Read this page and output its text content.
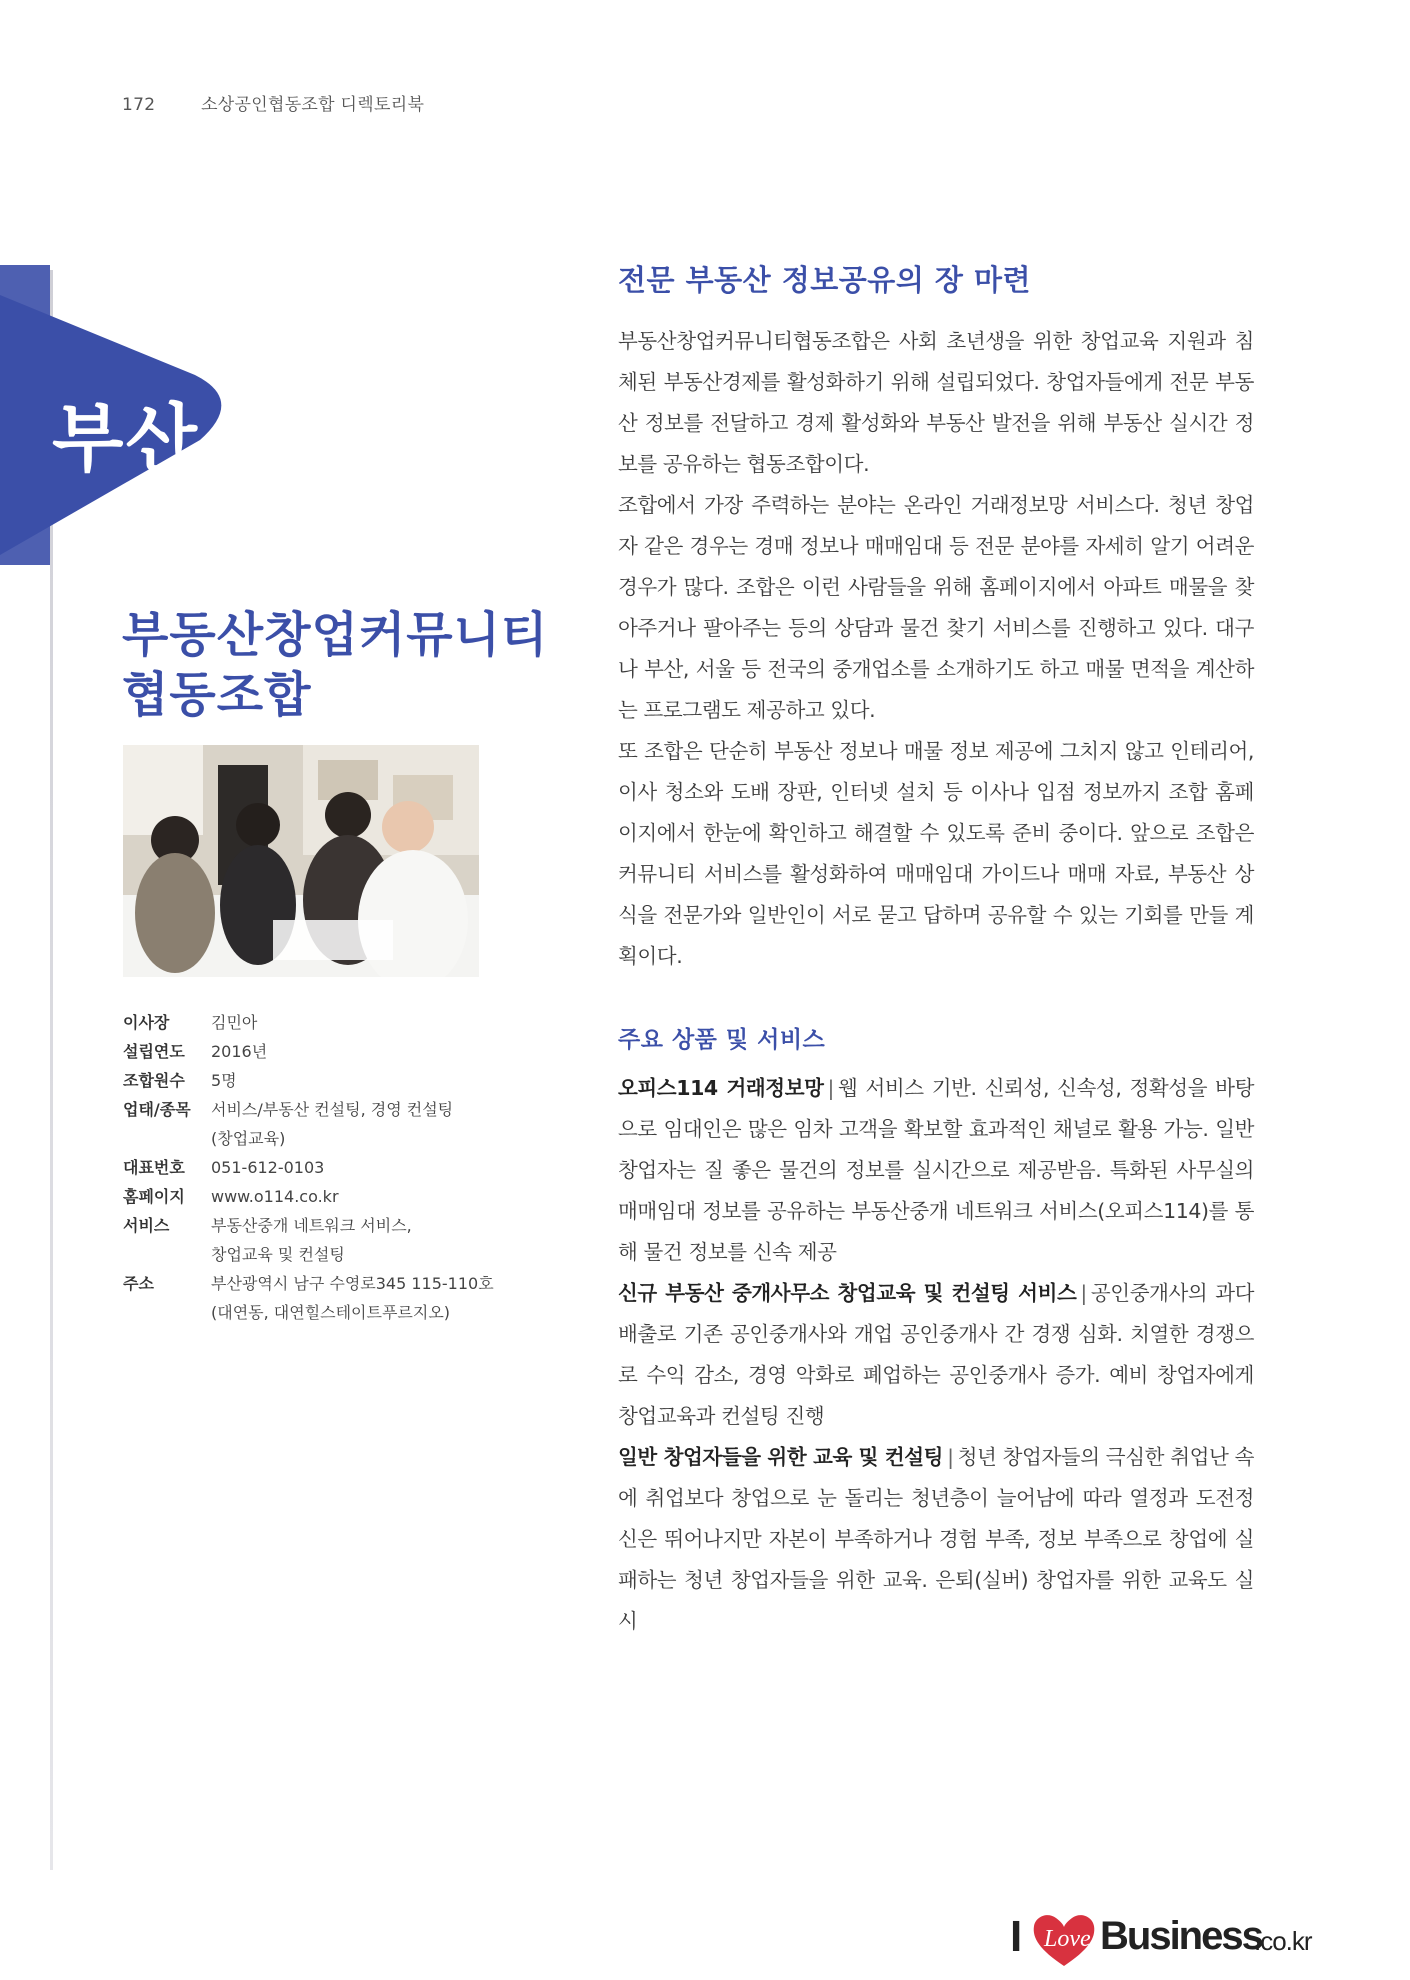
172	소상공인협동조합 디렉토리북
부산
부동산창업커뮤니티
협동조합
이사장	김민아
설립연도	2016년
조합원수	5명
업태/종목	서비스/부동산 컨설팅, 경영 컨설팅
(창업교육)
대표번호	051-612-0103
홈페이지	www.o114.co.kr
서비스	부동산중개 네트워크 서비스,
창업교육 및 컨설팅
주소	부산광역시 남구 수영로345 115-110호
(대연동, 대연힐스테이트푸르지오)
전문 부동산 정보공유의 장 마련

부동산창업커뮤니티협동조합은 사회 초년생을 위한 창업교육 지원과 침체된 부동산경제를 활성화하기 위해 설립되었다. 창업자들에게 전문 부동산 정보를 전달하고 경제 활성화와 부동산 발전을 위해 부동산 실시간 정보를 공유하는 협동조합이다.

조합에서 가장 주력하는 분야는 온라인 거래정보망 서비스다. 청년 창업자 같은 경우는 경매 정보나 매매임대 등 전문 분야를 자세히 알기 어려운 경우가 많다. 조합은 이런 사람들을 위해 홈페이지에서 아파트 매물을 찾아주거나 팔아주는 등의 상담과 물건 찾기 서비스를 진행하고 있다. 대구나 부산, 서울 등 전국의 중개업소를 소개하기도 하고 매물 면적을 계산하는 프로그램도 제공하고 있다.

또 조합은 단순히 부동산 정보나 매물 정보 제공에 그치지 않고 인테리어, 이사 청소와 도배 장판, 인터넷 설치 등 이사나 입점 정보까지 조합 홈페이지에서 한눈에 확인하고 해결할 수 있도록 준비 중이다. 앞으로 조합은 커뮤니티 서비스를 활성화하여 매매임대 가이드나 매매 자료, 부동산 상식을 전문가와 일반인이 서로 묻고 답하며 공유할 수 있는 기회를 만들 계획이다.

주요 상품 및 서비스
오피스114 거래정보망 | 웹 서비스 기반. 신뢰성, 신속성, 정확성을 바탕으로 임대인은 많은 임차 고객을 확보할 효과적인 채널로 활용 가능. 일반 창업자는 질 좋은 물건의 정보를 실시간으로 제공받음. 특화된 사무실의 매매임대 정보를 공유하는 부동산중개 네트워크 서비스(오피스114)를 통해 물건 정보를 신속 제공
신규 부동산 중개사무소 창업교육 및 컨설팅 서비스 | 공인중개사의 과다 배출로 기존 공인중개사와 개업 공인중개사 간 경쟁 심화. 치열한 경쟁으로 수익 감소, 경영 악화로 폐업하는 공인중개사 증가. 예비 창업자에게 창업교육과 컨설팅 진행
일반 창업자들을 위한 교육 및 컨설팅 | 청년 창업자들의 극심한 취업난 속에 취업보다 창업으로 눈 돌리는 청년층이 늘어남에 따라 열정과 도전정신은 뛰어나지만 자본이 부족하거나 경험 부족, 정보 부족으로 창업에 실패하는 청년 창업자들을 위한 교육. 은퇴(실버) 창업자를 위한 교육도 실시
I Love Business
.co.kr
